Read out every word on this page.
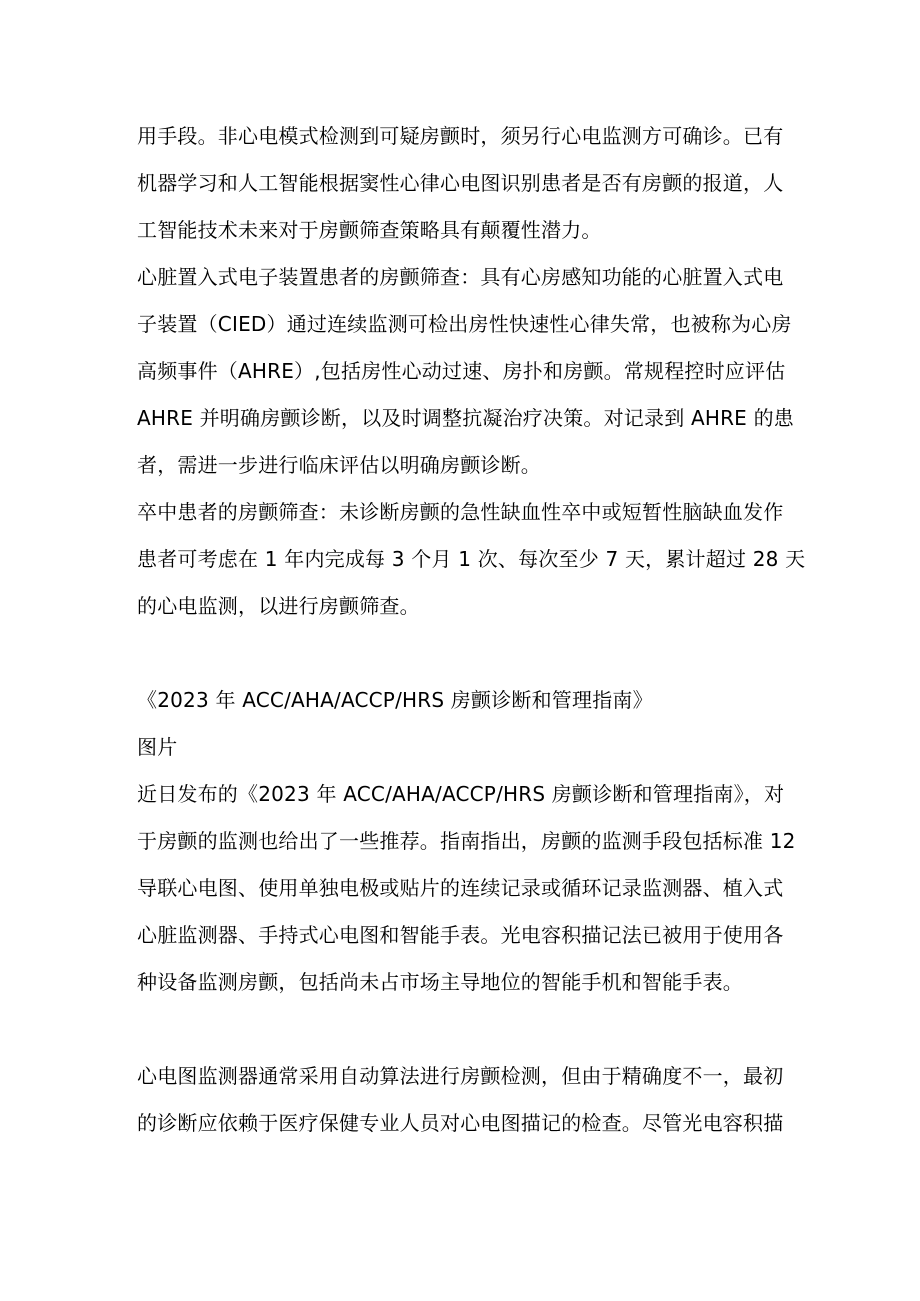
用手段。非心电模式检测到可疑房颤时，须另行心电监测方可确诊。已有
机器学习和人工智能根据窦性心律心电图识别患者是否有房颤的报道，人
工智能技术未来对于房颤筛查策略具有颠覆性潜力。
心脏置入式电子装置患者的房颤筛查：具有心房感知功能的心脏置入式电
子装置（CIED）通过连续监测可检出房性快速性心律失常，也被称为心房
高频事件（AHRE）,包括房性心动过速、房扑和房颤。常规程控时应评估
AHRE 并明确房颤诊断，以及时调整抗凝治疗决策。对记录到 AHRE 的患
者，需进一步进行临床评估以明确房颤诊断。
卒中患者的房颤筛查：未诊断房颤的急性缺血性卒中或短暂性脑缺血发作
患者可考虑在 1 年内完成每 3 个月 1 次、每次至少 7 天，累计超过 28 天
的心电监测，以进行房颤筛查。
《2023 年 ACC/AHA/ACCP/HRS 房颤诊断和管理指南》
图片
近日发布的《2023 年 ACC/AHA/ACCP/HRS 房颤诊断和管理指南》，对
于房颤的监测也给出了一些推荐。指南指出，房颤的监测手段包括标准 12
导联心电图、使用单独电极或贴片的连续记录或循环记录监测器、植入式
心脏监测器、手持式心电图和智能手表。光电容积描记法已被用于使用各
种设备监测房颤，包括尚未占市场主导地位的智能手机和智能手表。
心电图监测器通常采用自动算法进行房颤检测，但由于精确度不一，最初
的诊断应依赖于医疗保健专业人员对心电图描记的检查。尽管光电容积描
